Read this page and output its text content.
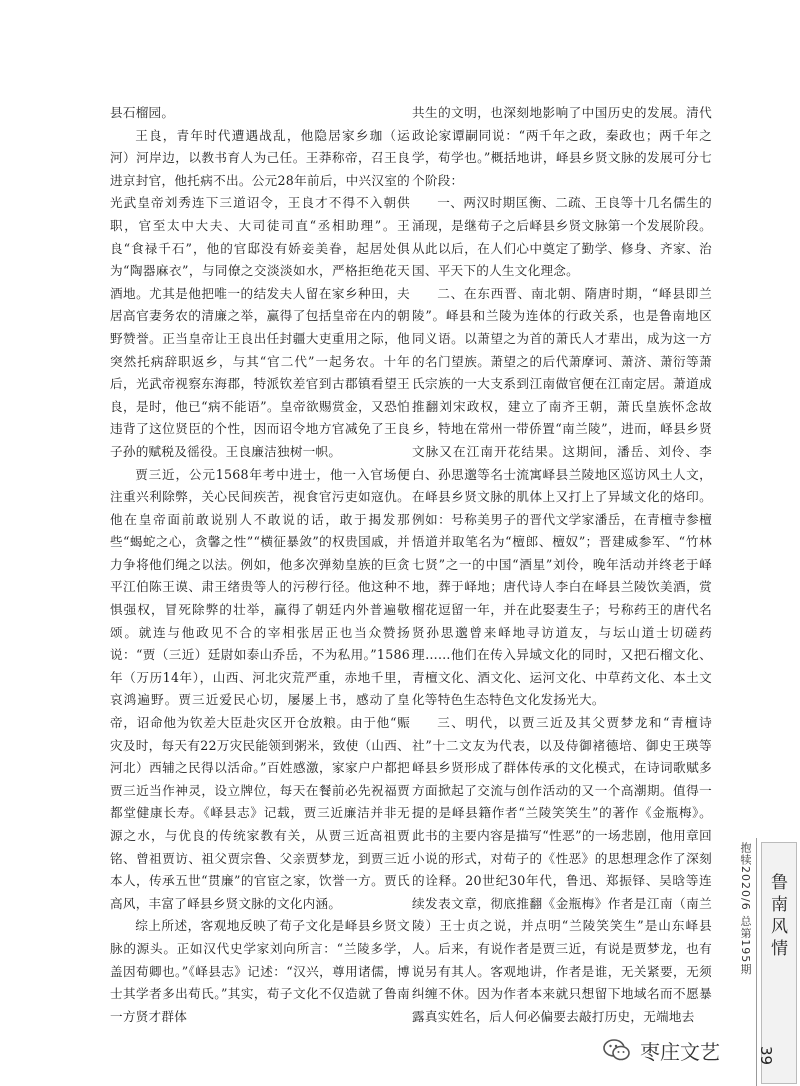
县石榴园。

王良，青年时代遭遇战乱，他隐居家乡珈（运河）河岸边，以教书育人为己任。王莽称帝，召王良进京封官，他托病不出。公元28年前后，中兴汉室的光武皇帝刘秀连下三道诏令，王良才不得不入朝供职，官至太中大夫、大司徒司直“丞相助理”。王良“食禄千石”，他的官邸没有娇妾美眷，起居处俱为“陶器麻衣”，与同僚之交淡淡如水，严格拒绝花天酒地。尤其是他把唯一的结发夫人留在家乡种田，夫居高官妻务农的清廉之举，赢得了包括皇帝在内的朝野赞誉。正当皇帝让王良出任封疆大吏重用之际，他突然托病辞职返乡，与其“官二代”一起务农。十年后，光武帝视察东海郡，特派钦差官到古郡镇看望王良，是时，他已“病不能语”。皇帝欲赐赏金，又恐怕违背了这位贤臣的个性，因而诏令地方官减免了王良子孙的赋税及徭役。王良廉洁独树一帜。

贾三近，公元1568年考中进士，他一入官场便注重兴利除弊，关心民间疾苦，视食官污吏如寇仇。他在皇帝面前敢说别人不敢说的话，敢于揭发那些“蝎蛇之心，贪馨之性”“横征暴敛”的权贵国戚，并力争将他们绳之以法。例如，他多次弹劾皇族的巨贪平江伯陈王谟、肃王绪贵等人的污秽行径。他这种不惧强权，冒死除弊的壮举，赢得了朝廷内外普遍敬颂。就连与他政见不合的宰相张居正也当众赞扬说：“贾（三近）廷尉如泰山乔岳，不为私用。”1586年（万历14年），山西、河北灾荒严重，赤地千里，哀鸿遍野。贾三近爱民心切，屡屡上书，感动了皇帝，诏命他为钦差大臣赴灾区开仓放粮。由于他“赈灾及时，每天有22万灾民能领到粥米，致使（山西、河北）西辅之民得以活命。”百姓感激，家家户户都把贾三近当作神灵，设立牌位，每天在餐前必先祝福贾都堂健康长寿。《峄县志》记载，贾三近廉洁并非无源之水，与优良的传统家教有关，从贾三近高祖贾铭、曾祖贾访、祖父贾宗鲁、父亲贾梦龙，到贾三近本人，传承五世“贯廉”的官宦之家，饮誉一方。贾氏高风，丰富了峄县乡贤文脉的文化内涵。

综上所述，客观地反映了荀子文化是峄县乡贤文脉的源头。正如汉代史学家刘向所言：“兰陵多学，盖因荀卿也。”《峄县志》记述：“汉兴，尊用诸儒，博士其学者多出荀氏。”其实，荀子文化不仅造就了鲁南一方贤才群体

共生的文明，也深刻地影响了中国历史的发展。清代政论家谭嗣同说：“两千年之政，秦政也；两千年之学，荀学也。”概括地讲，峄县乡贤文脉的发展可分七个阶段：

一、两汉时期匡衡、二疏、王良等十几名儒生的涌现，是继荀子之后峄县乡贤文脉第一个发展阶段。从此以后，在人们心中奠定了勤学、修身、齐家、治国、平天下的人生文化理念。

二、在东西晋、南北朝、隋唐时期，“峄县即兰陵”。峄县和兰陵为连体的行政关系，也是鲁南地区同义语。以萧望之为首的萧氏人才辈出，成为这一方的名门望族。萧望之的后代萧摩诃、萧济、萧衍等萧氏宗族的一大支系到江南做官便在江南定居。萧道成推翻刘宋政权，建立了南齐王朝，萧氏皇族怀念故乡，特地在常州一带侨置“南兰陵”，进而，峄县乡贤文脉又在江南开花结果。这期间，潘岳、刘伶、李白、孙思邈等名士流寓峄县兰陵地区巡访风土人文，在峄县乡贤文脉的肌体上又打上了异域文化的烙印。例如：号称美男子的晋代文学家潘岳，在青檀寺参檀悟道并取笔名为“檀郎、檀奴”；晋建威参军、“竹林七贤”之一的中国“酒星”刘伶，晚年活动并终老于峄地，葬于峄地；唐代诗人李白在峄县兰陵饮美酒，赏榴花逗留一年，并在此娶妻生子；号称药王的唐代名贤孙思邈曾来峄地寻访道友，与坛山道士切磋药理……他们在传入异域文化的同时，又把石榴文化、青檀文化、酒文化、运河文化、中草药文化、本土文化等特色生态特色文化发扬光大。

三、明代，以贾三近及其父贾梦龙和“青檀诗社”十二文友为代表，以及侍御褚德培、御史王瑛等峄县乡贤形成了群体传承的文化模式，在诗词歌赋多方面掀起了交流与创作活动的又一个高潮期。值得一提的是峄县籍作者“兰陵笑笑生”的著作《金瓶梅》。此书的主要内容是描写“性恶”的一场悲剧，他用章回小说的形式，对荀子的《性恶》的思想理念作了深刻的诠释。20世纪30年代，鲁迅、郑振铎、吴晗等连续发表文章，彻底推翻《金瓶梅》作者是江南（南兰陵）王士贞之说，并点明“兰陵笑笑生”是山东峄县人。后来，有说作者是贾三近，有说是贾梦龙，也有说另有其人。客观地讲，作者是谁，无关紧要，无须纠缠不休。因为作者本来就只想留下地域名而不愿暴露真实姓名，后人何必偏要去敲打历史，无端地去

抱犊2020/6 总第195期 鲁南风情
39
枣庄文艺
